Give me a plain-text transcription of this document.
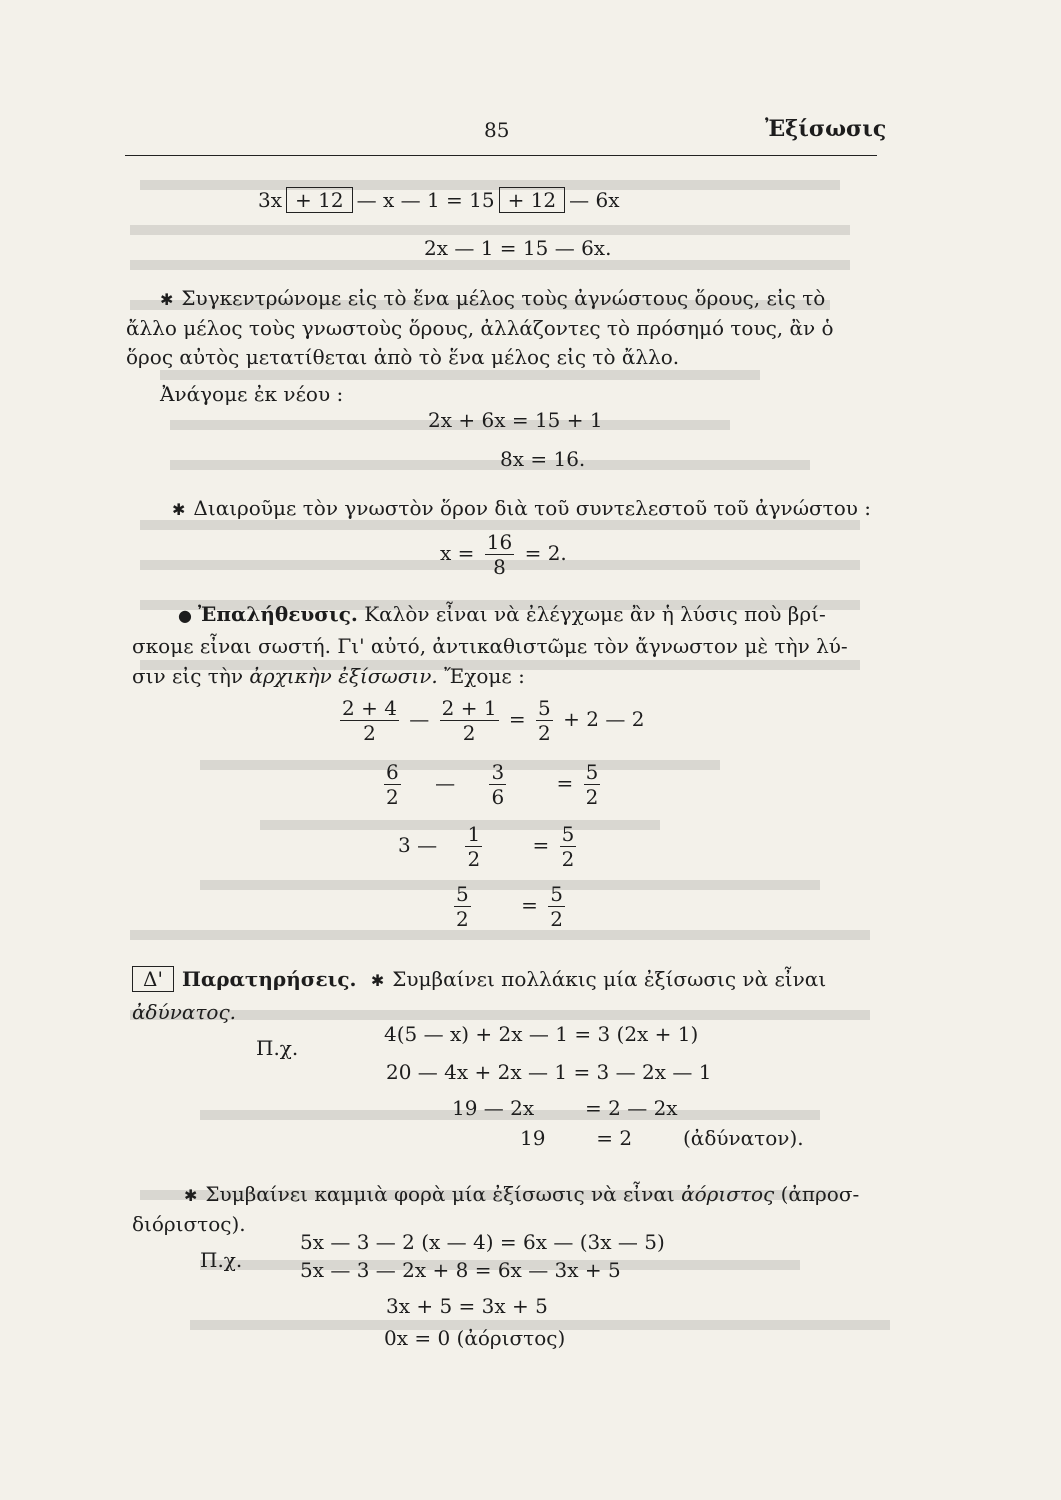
85	Ἐξίσωσις
3x + 12 — x — 1 = 15 + 12 — 6x
2x — 1 = 15 — 6x.
✱ Συγκεντρώνομε εἰς τὸ ἕνα μέλος τοὺς ἀγνώστους ὅρους, εἰς τὸ
ἄλλο μέλος τοὺς γνωστοὺς ὅρους, ἀλλάζοντες τὸ πρόσημό τους, ἂν ὁ
ὅρος αὐτὸς μετατίθεται ἀπὸ τὸ ἕνα μέλος εἰς τὸ ἄλλο.
Ἀνάγομε ἐκ νέου :
2x + 6x = 15 + 1
8x = 16.
✱ Διαιροῦμε τὸν γνωστὸν ὅρον διὰ τοῦ συντελεστοῦ τοῦ ἀγνώστου :
$x = \frac{16}{8} = 2$.
● Ἐπαλήθευσις. Καλὸν εἶναι νὰ ἐλέγχωμε ἂν ἡ λύσις ποὺ βρί-
σκομε εἶναι σωστή. Γι' αὐτό, ἀντικαθιστῶμε τὸν ἄγνωστον μὲ τὴν λύ-
σιν εἰς τὴν ἀρχικὴν ἐξίσωσιν. Ἔχομε :
$\frac{2 + 4}{2}$ — $\frac{2 + 1}{2} = \frac{5}{2} + 2$ — 2
$\frac{6}{2}$ — $\frac{3}{6}$	= $\frac{5}{2}$
3 — $\frac{1}{2}$	= $\frac{5}{2}$
$\frac{5}{2}$	= $\frac{5}{2}$
Δ' Παρατηρήσεις. ✱ Συμβαίνει πολλάκις μία ἐξίσωσις νὰ εἶναι
ἀδύνατος.
Π.χ.
4(5 — x) + 2x — 1 = 3 (2x + 1)
20 — 4x + 2x — 1 = 3 — 2x — 1
19 — 2x        = 2 — 2x
19        = 2        (ἀδύνατον).
✱ Συμβαίνει καμμιὰ φορὰ μία ἐξίσωσις νὰ εἶναι ἀόριστος (ἀπροσ-
διόριστος).
Π.χ.
5x — 3 — 2 (x — 4) = 6x — (3x — 5)
5x — 3 — 2x + 8 = 6x — 3x + 5
3x + 5 = 3x + 5
0x = 0 (ἀόριστος)
